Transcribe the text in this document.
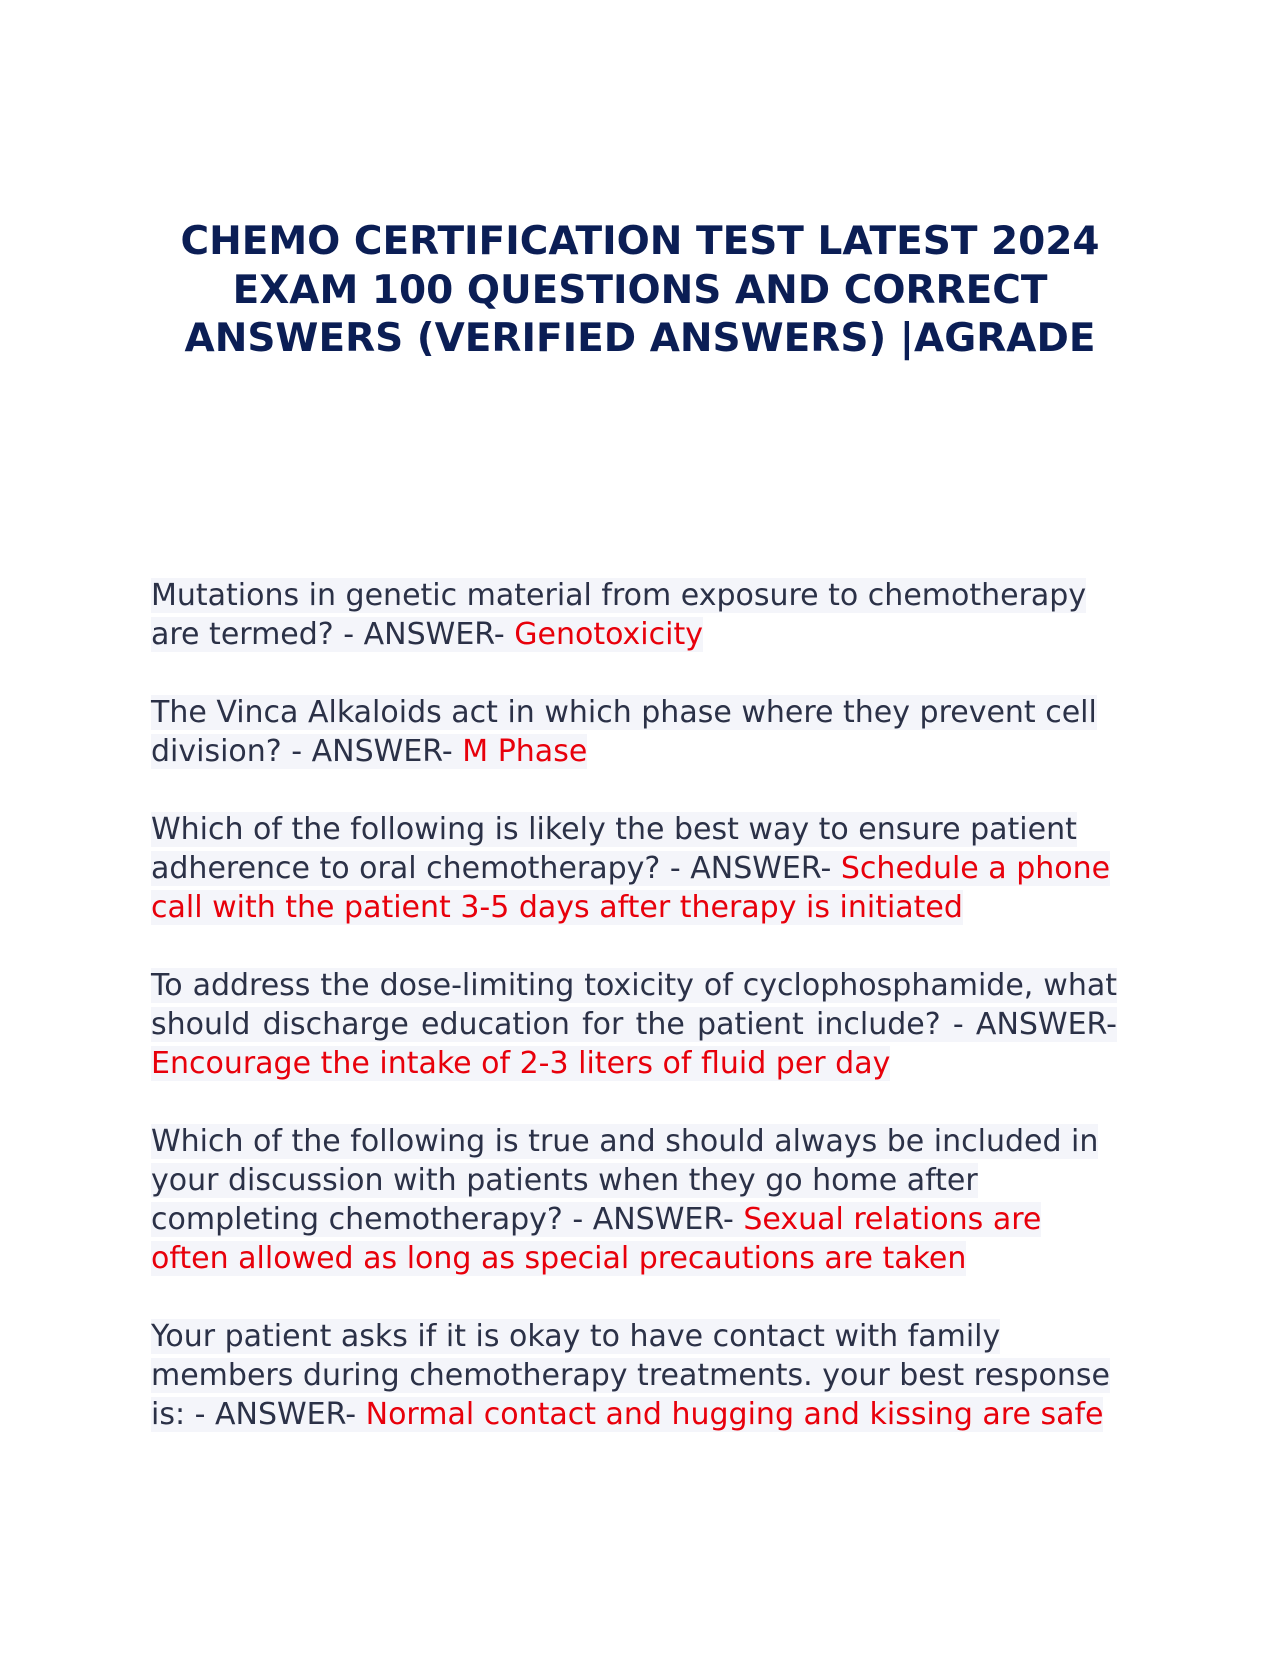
CHEMO CERTIFICATION TEST LATEST 2024 EXAM 100 QUESTIONS AND CORRECT ANSWERS (VERIFIED ANSWERS) |AGRADE

Mutations in genetic material from exposure to chemotherapy are termed? - ANSWER- Genotoxicity

The Vinca Alkaloids act in which phase where they prevent cell division? - ANSWER- M Phase

Which of the following is likely the best way to ensure patient adherence to oral chemotherapy? - ANSWER- Schedule a phone call with the patient 3-5 days after therapy is initiated

To address the dose-limiting toxicity of cyclophosphamide, what should discharge education for the patient include? - ANSWER- Encourage the intake of 2-3 liters of fluid per day

Which of the following is true and should always be included in your discussion with patients when they go home after completing chemotherapy? - ANSWER- Sexual relations are often allowed as long as special precautions are taken

Your patient asks if it is okay to have contact with family members during chemotherapy treatments. your best response is: - ANSWER- Normal contact and hugging and kissing are safe
